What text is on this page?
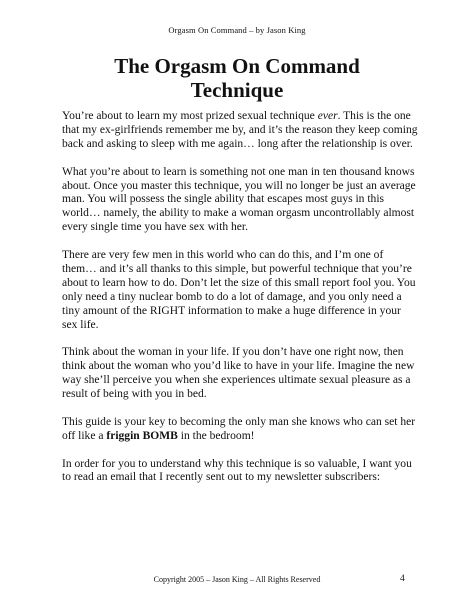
Orgasm On Command – by Jason King
The Orgasm On Command
Technique

You’re about to learn my most prized sexual technique ever. This is the one that my ex-girlfriends remember me by, and it’s the reason they keep coming back and asking to sleep with me again… long after the relationship is over.

What you’re about to learn is something not one man in ten thousand knows about. Once you master this technique, you will no longer be just an average man. You will possess the single ability that escapes most guys in this world… namely, the ability to make a woman orgasm uncontrollably almost every single time you have sex with her.

There are very few men in this world who can do this, and I’m one of them… and it’s all thanks to this simple, but powerful technique that you’re about to learn how to do. Don’t let the size of this small report fool you. You only need a tiny nuclear bomb to do a lot of damage, and you only need a tiny amount of the RIGHT information to make a huge difference in your sex life.

Think about the woman in your life. If you don’t have one right now, then think about the woman who you’d like to have in your life. Imagine the new way she’ll perceive you when she experiences ultimate sexual pleasure as a result of being with you in bed.

This guide is your key to becoming the only man she knows who can set her off like a friggin BOMB in the bedroom!

In order for you to understand why this technique is so valuable, I want you to read an email that I recently sent out to my newsletter subscribers:

Copyright 2005 – Jason King – All Rights Reserved	4
